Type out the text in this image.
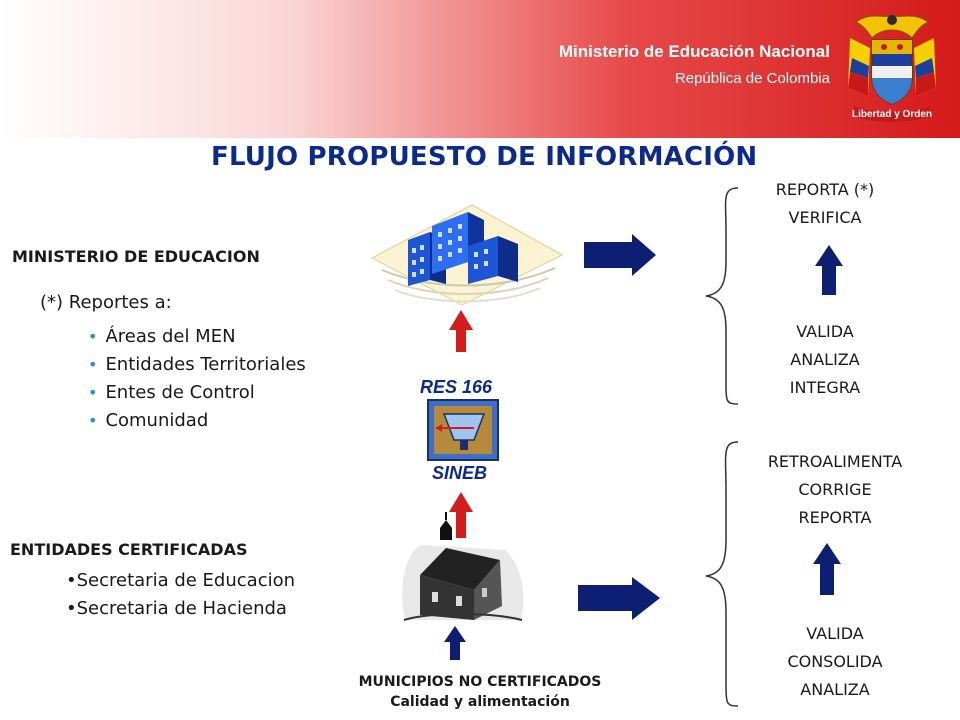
Ministerio de Educación Nacional
República de Colombia
Libertad y Orden
FLUJO PROPUESTO DE INFORMACIÓN
MINISTERIO DE EDUCACION
(*) Reportes a:
• Áreas del MEN
• Entidades Territoriales
• Entes de Control
• Comunidad
ENTIDADES CERTIFICADAS
•Secretaria de Educacion
•Secretaria de Hacienda
RES 166
SINEB
MUNICIPIOS NO CERTIFICADOS
Calidad y alimentación
REPORTA (*)
VERIFICA
VALIDA
ANALIZA
INTEGRA
RETROALIMENTA
CORRIGE
REPORTA
VALIDA
CONSOLIDA
ANALIZA
